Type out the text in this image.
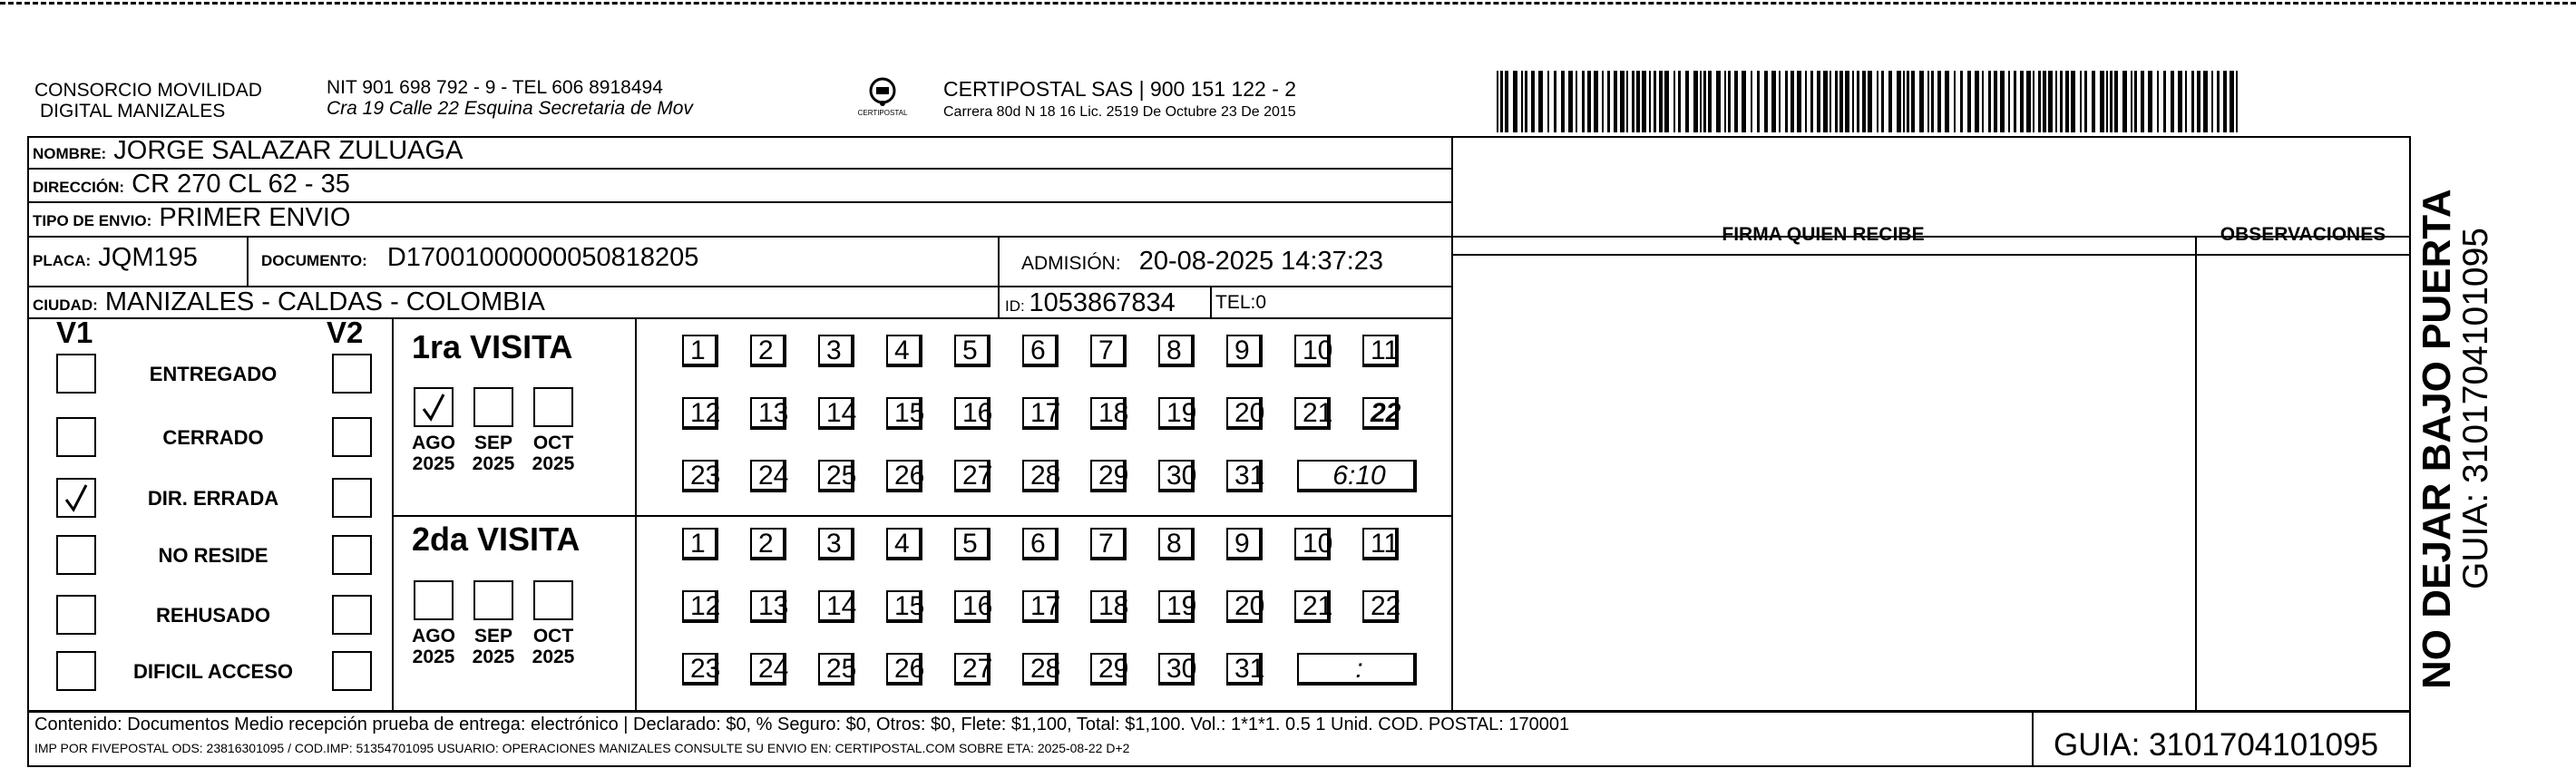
CONSORCIO MOVILIDAD
DIGITAL MANIZALES
NIT 901 698 792 - 9 - TEL 606 8918494
Cra 19 Calle 22 Esquina Secretaria de Mov	CERTIPOSTAL
CERTIPOSTAL SAS | 900 151 122 - 2
Carrera 80d N 18 16 Lic. 2519 De Octubre 23 De 2015
NOMBRE: JORGE SALAZAR ZULUAGA
DIRECCIÓN: CR 270 CL 62 - 35
TIPO DE ENVIO: PRIMER ENVIO
PLACA: JQM195	DOCUMENTO: D17001000000050818205	ADMISIÓN: 20-08-2025 14:37:23
CIUDAD: MANIZALES - CALDAS - COLOMBIA	ID: 1053867834 TEL:0
FIRMA QUIEN RECIBE	OBSERVACIONES NO DEJAR BAJO PUERTA
GUIA: 3101704101095
V1	V2
ENTREGADO
CERRADO
DIR. ERRADA
NO RESIDE
REHUSADO
DIFICIL ACCESO
1ra VISITA
2da VISITA
AGO
2025
SEP
2025
OCT
2025
1	2	3	4	5	6	7	8	9	10	11
12	13	14	15	16	17	18	19	20	21	22
23	24	25	26	27	28	29	30	31	6:10
AGO
2025
SEP
2025
OCT
2025
1	2	3	4	5	6	7	8	9	10	11
12	13	14	15	16	17	18	19	20	21	22
23	24	25	26	27	28	29	30	31	:
Contenido: Documentos Medio recepción prueba de entrega: electrónico | Declarado: $0, % Seguro: $0, Otros: $0, Flete: $1,100, Total: $1,100. Vol.: 1*1*1. 0.5 1 Unid. COD. POSTAL: 170001
IMP POR FIVEPOSTAL ODS: 23816301095 / COD.IMP: 51354701095 USUARIO: OPERACIONES MANIZALES CONSULTE SU ENVIO EN: CERTIPOSTAL.COM SOBRE ETA: 2025-08-22 D+2	GUIA: 3101704101095
